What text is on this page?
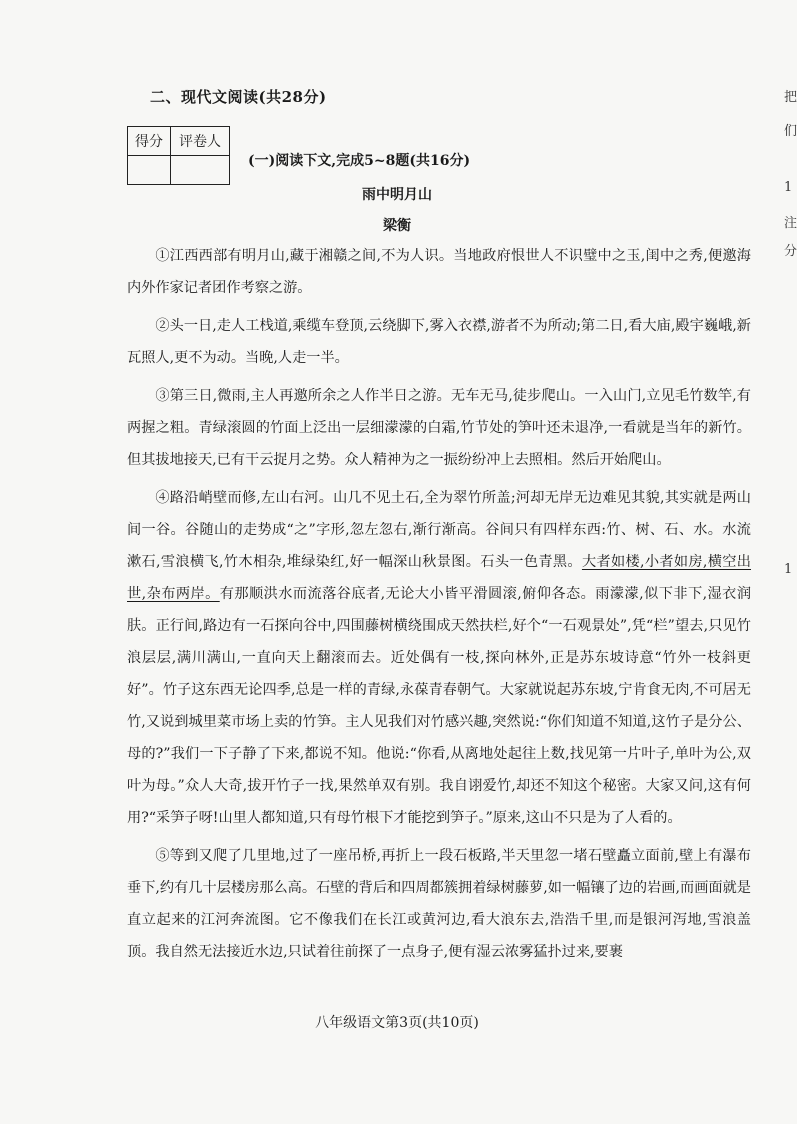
二、现代文阅读(共28分)
得分	评卷人

(一)阅读下文,完成5~8题(共16分)
雨中明月山
梁衡

①江西西部有明月山,藏于湘赣之间,不为人识。当地政府恨世人不识璧中之玉,闺中之秀,便邀海内外作家记者团作考察之游。

②头一日,走人工栈道,乘缆车登顶,云绕脚下,雾入衣襟,游者不为所动;第二日,看大庙,殿宇巍峨,新瓦照人,更不为动。当晚,人走一半。

③第三日,微雨,主人再邀所余之人作半日之游。无车无马,徒步爬山。一入山门,立见毛竹数竿,有两握之粗。青绿滚圆的竹面上泛出一层细濛濛的白霜,竹节处的笋叶还未退净,一看就是当年的新竹。但其拔地接天,已有干云捉月之势。众人精神为之一振纷纷冲上去照相。然后开始爬山。

④路沿峭壁而修,左山右河。山几不见土石,全为翠竹所盖;河却无岸无边难见其貌,其实就是两山间一谷。谷随山的走势成“之”字形,忽左忽右,渐行渐高。谷间只有四样东西:竹、树、石、水。水流漱石,雪浪横飞,竹木相杂,堆绿染红,好一幅深山秋景图。石头一色青黑。大者如楼,小者如房,横空出世,杂布两岸。有那顺洪水而流落谷底者,无论大小皆平滑圆滚,俯仰各态。雨濛濛,似下非下,湿衣润肤。正行间,路边有一石探向谷中,四围藤树横绕围成天然扶栏,好个“一石观景处”,凭“栏”望去,只见竹浪层层,满川满山,一直向天上翻滚而去。近处偶有一枝,探向林外,正是苏东坡诗意“竹外一枝斜更好”。竹子这东西无论四季,总是一样的青绿,永葆青春朝气。大家就说起苏东坡,宁肯食无肉,不可居无竹,又说到城里菜市场上卖的竹笋。主人见我们对竹感兴趣,突然说:“你们知道不知道,这竹子是分公、母的?”我们一下子静了下来,都说不知。他说:“你看,从离地处起往上数,找见第一片叶子,单叶为公,双叶为母。”众人大奇,拔开竹子一找,果然单双有别。我自诩爱竹,却还不知这个秘密。大家又问,这有何用?“采笋子呀!山里人都知道,只有母竹根下才能挖到笋子。”原来,这山不只是为了人看的。

⑤等到又爬了几里地,过了一座吊桥,再折上一段石板路,半天里忽一堵石壁矗立面前,壁上有瀑布垂下,约有几十层楼房那么高。石壁的背后和四周都簇拥着绿树藤萝,如一幅镶了边的岩画,而画面就是直立起来的江河奔流图。它不像我们在长江或黄河边,看大浪东去,浩浩千里,而是银河泻地,雪浪盖顶。我自然无法接近水边,只试着往前探了一点身子,便有湿云浓雾猛扑过来,要裹

八年级语文第3页(共10页)
把
们
1
注
分
1
